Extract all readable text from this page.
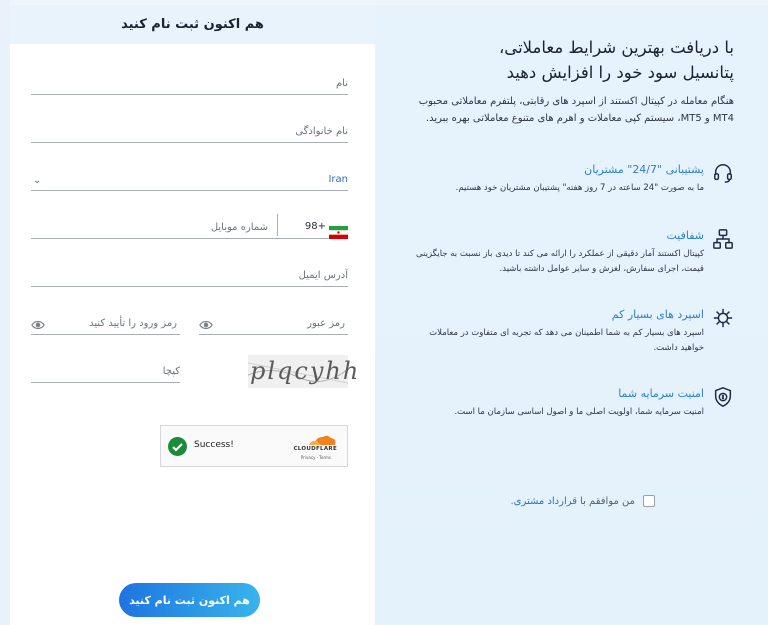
با دریافت بهترین شرایط معاملاتی،
پتانسیل سود خود را افزایش دهید
هنگام معامله در کپیتال اکستند از اسپرد های رقابتی، پلتفرم معاملاتی محبوب MT4 و MT5، سیستم کپی معاملات و اهرم های متنوع معاملاتی بهره ببرید.
پشتیبانی "24/7" مشتریان
ما به صورت "24 ساعته در 7 روز هفته" پشتیبان مشتریان خود هستیم.
شفافیت
کپیتال اکستند آمار دقیقی از عملکرد را ارائه می کند تا دیدی باز نسبت به جایگزینی قیمت، اجرای سفارش، لغزش و سایر عوامل داشته باشید.
اسپرد های بسیار کم
اسپرد های بسیار کم به شما اطمینان می دهد که تجربه ای متفاوت در معاملات خواهید داشت.
امنیت سرمایه شما
امنیت سرمایه شما، اولویت اصلی ما و اصول اساسی سازمان ما است.
هم اکنون ثبت نام کنید
نام
نام خانوادگی
Iran
⌄
98+
شماره موبایل
آدرس ایمیل
رمز عبور
رمز ورود را تأیید کنید
کپچا	plqcyhh
Success!	CLOUDFLARE
Privacy · Terms
من موافقم با
قرارداد مشتری.
هم اکنون ثبت نام کنید
